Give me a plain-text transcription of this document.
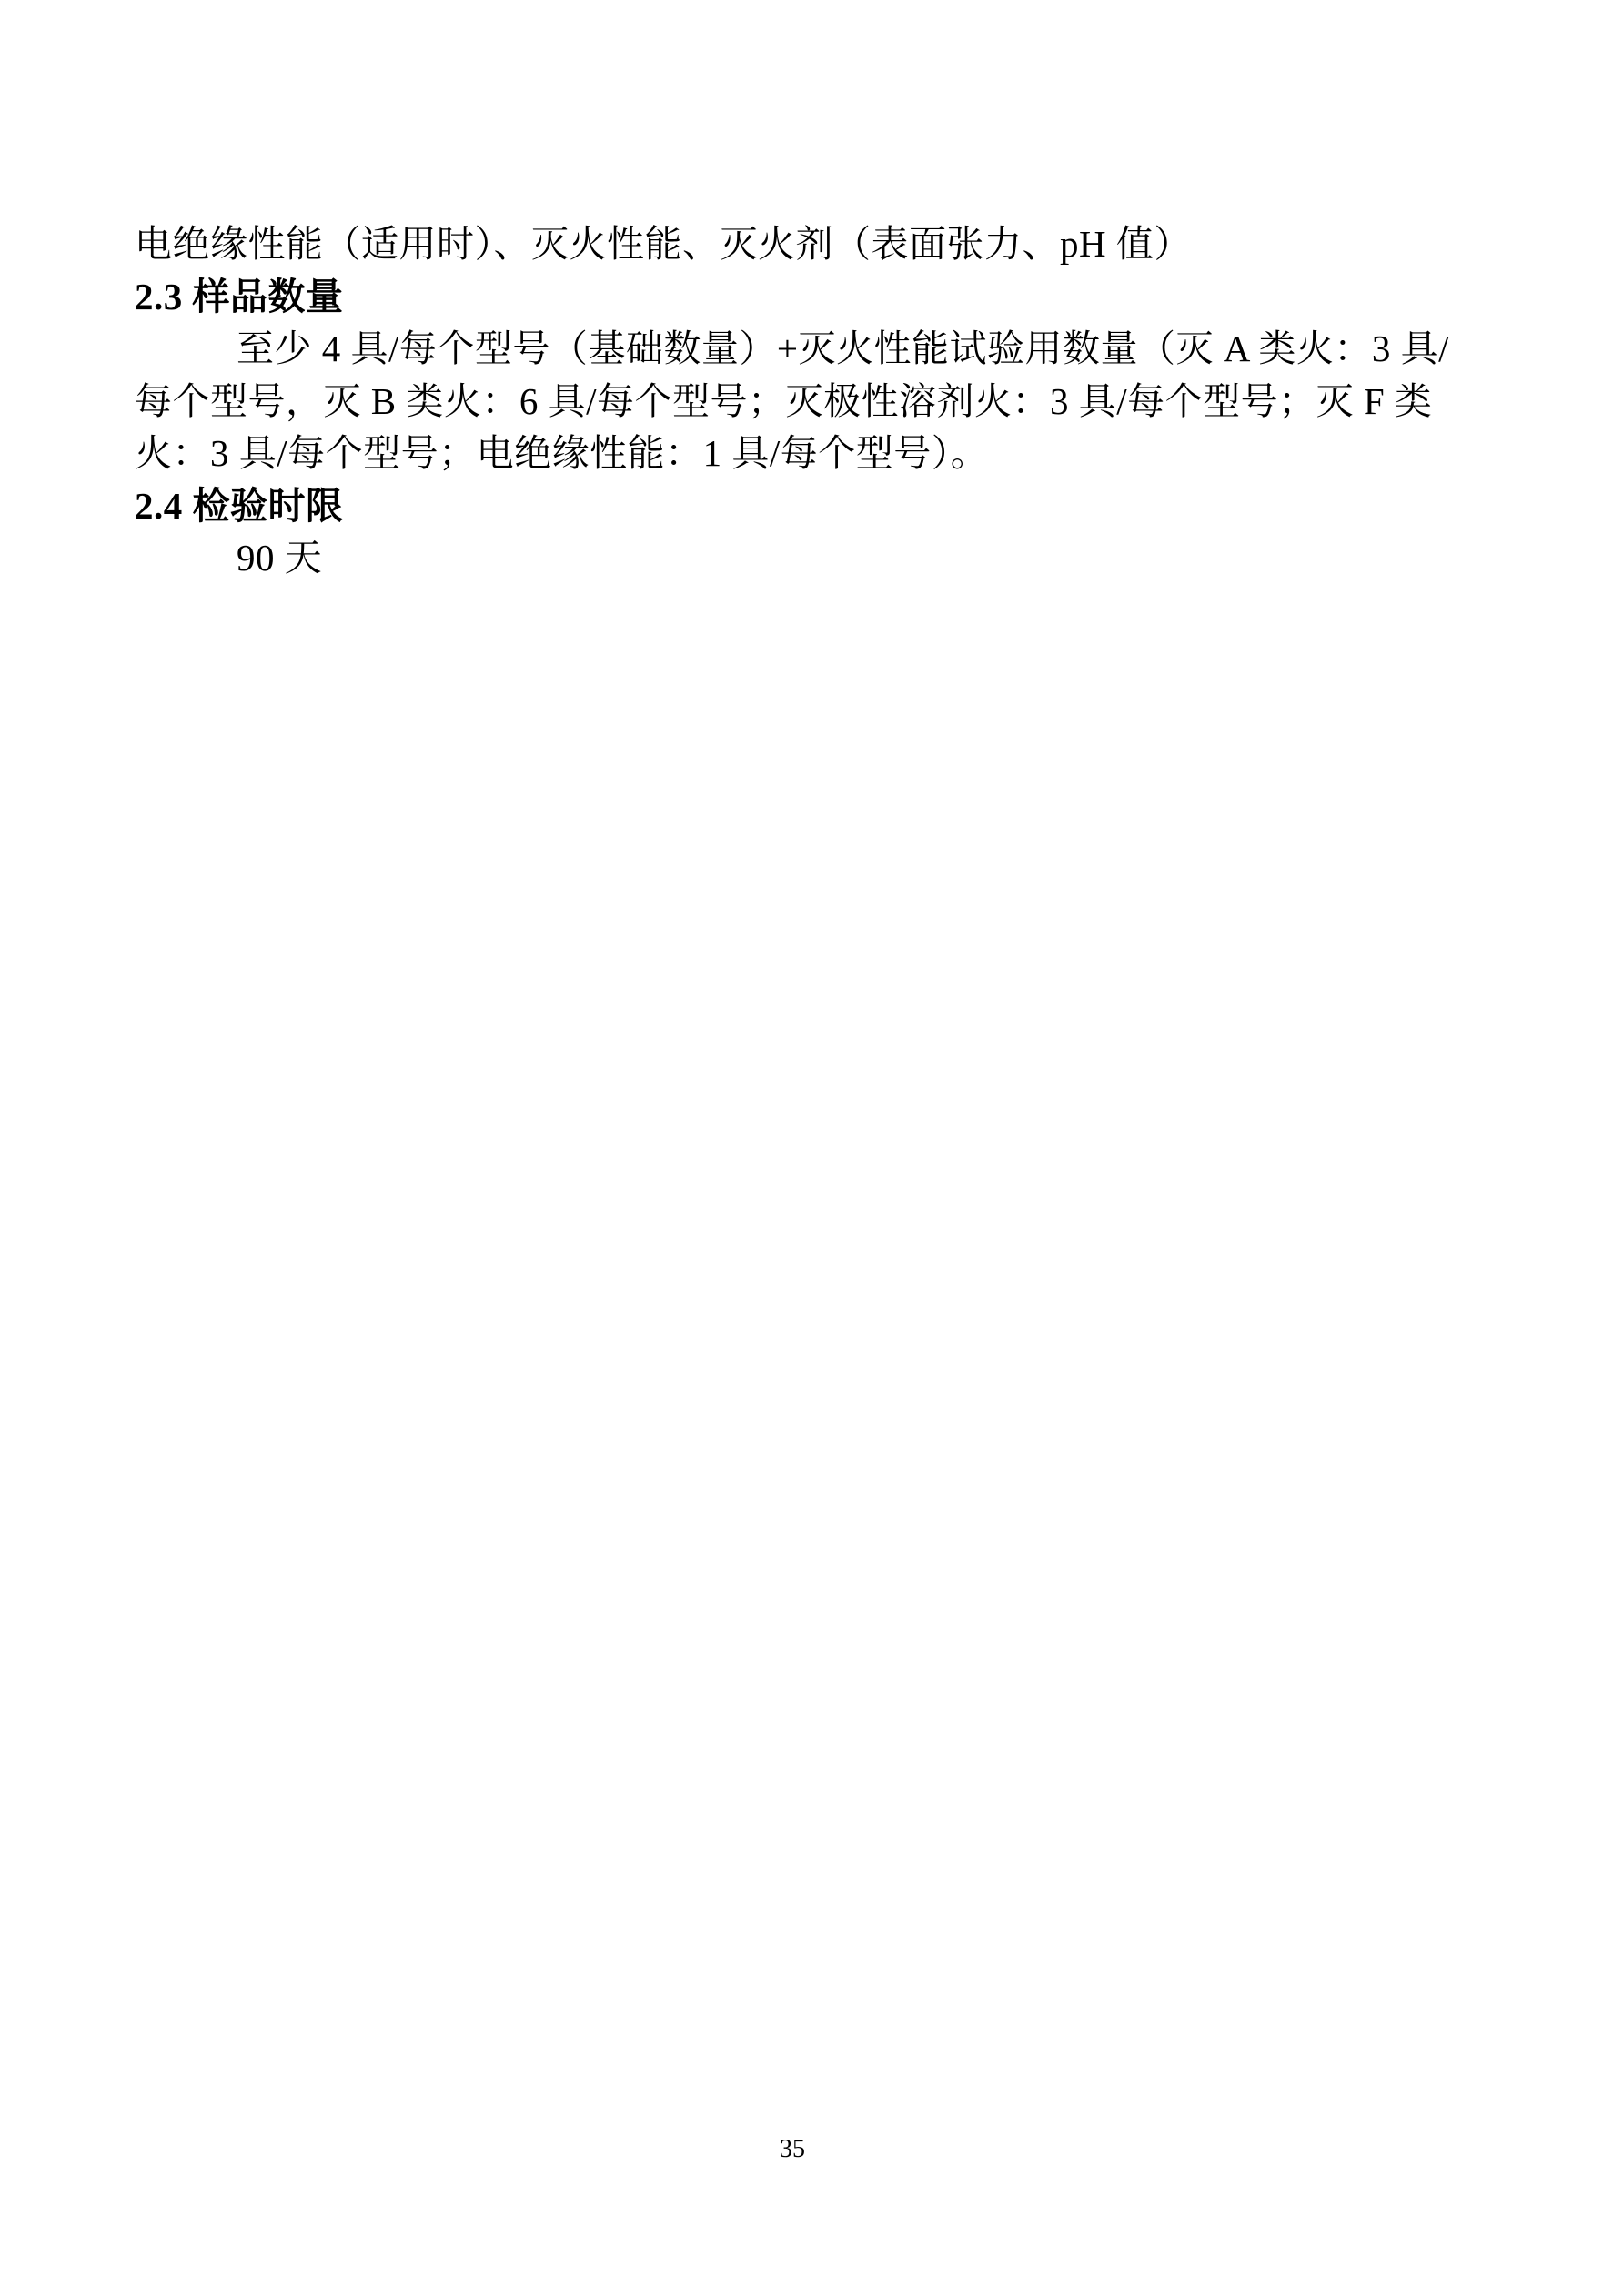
电绝缘性能（适用时）、灭火性能、灭火剂（表面张力、pH 值）
2.3 样品数量
至少 4 具/每个型号（基础数量）+灭火性能试验用数量（灭 A 类火：3 具/
每个型号，灭 B 类火：6 具/每个型号；灭极性溶剂火：3 具/每个型号；灭 F 类
火：3 具/每个型号；电绝缘性能：1 具/每个型号）。
2.4 检验时限
90 天
35
